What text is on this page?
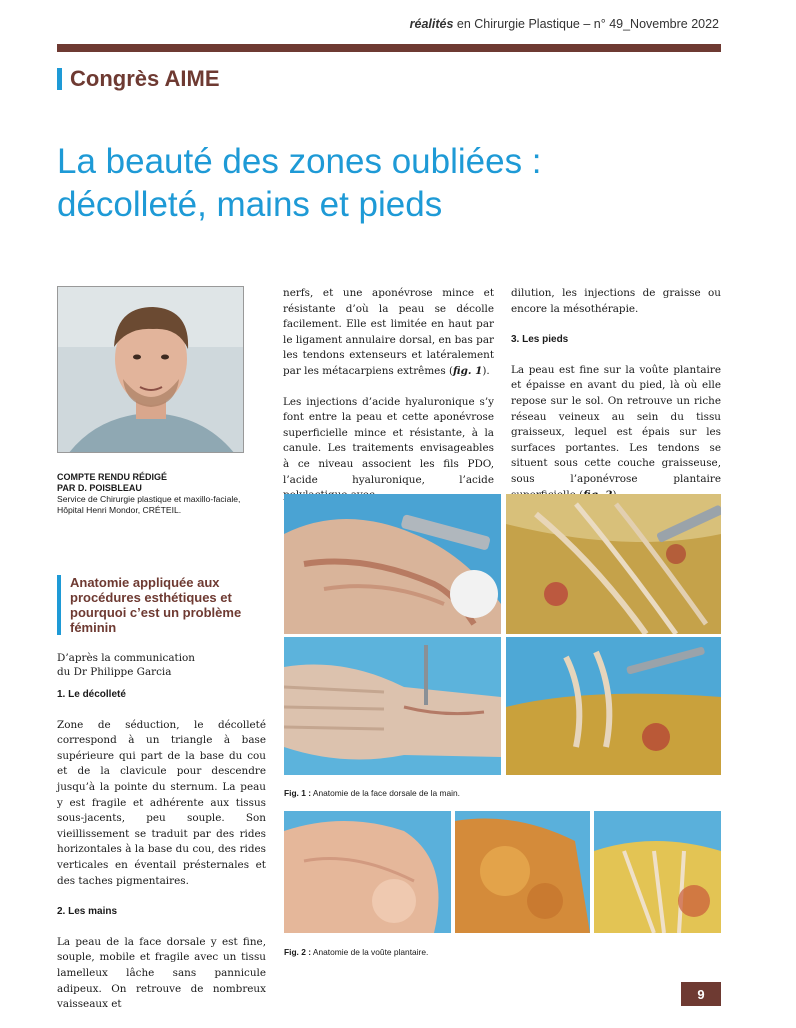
réalités en Chirurgie Plastique – n° 49_Novembre 2022
Congrès AIME
La beauté des zones oubliées :
décolleté, mains et pieds
COMPTE RENDU RÉDIGÉ
PAR D. POISBLEAU
Service de Chirurgie plastique et maxillo-faciale,
Hôpital Henri Mondor, CRÉTEIL.
Anatomie appliquée aux procédures esthétiques et pourquoi c’est un problème féminin

D’après la communication
du Dr Philippe Garcia

1. Le décolleté

Zone de séduction, le décolleté correspond à un triangle à base supérieure qui part de la base du cou et de la clavicule pour descendre jusqu’à la pointe du sternum. La peau y est fragile et adhérente aux tissus sous-jacents, peu souple. Son vieillissement se traduit par des rides horizontales à la base du cou, des rides verticales en éventail présternales et des taches pigmentaires.

2. Les mains

La peau de la face dorsale y est fine, souple, mobile et fragile avec un tissu lamelleux lâche sans pannicule adipeux. On retrouve de nombreux vaisseaux et

nerfs, et une aponévrose mince et résistante d’où la peau se décolle facilement. Elle est limitée en haut par le ligament annulaire dorsal, en bas par les tendons extenseurs et latéralement par les métacarpiens extrêmes (fig. 1).

Les injections d’acide hyaluronique s’y font entre la peau et cette aponévrose superficielle mince et résistante, à la canule. Les traitements envisageables à ce niveau associent les fils PDO, l’acide hyaluronique, l’acide

dilution, les injections de graisse ou encore la mésothérapie.

3. Les pieds

La peau est fine sur la voûte plantaire et épaisse en avant du pied, là où elle repose sur le sol. On retrouve un riche réseau veineux au sein du tissu graisseux, lequel est épais sur les surfaces portantes. Les tendons se situent sous cette couche graisseuse, sous l’aponévrose plantaire

Fig. 1 : Anatomie de la face dorsale de la main.
Fig. 2 : Anatomie de la voûte plantaire.
9
